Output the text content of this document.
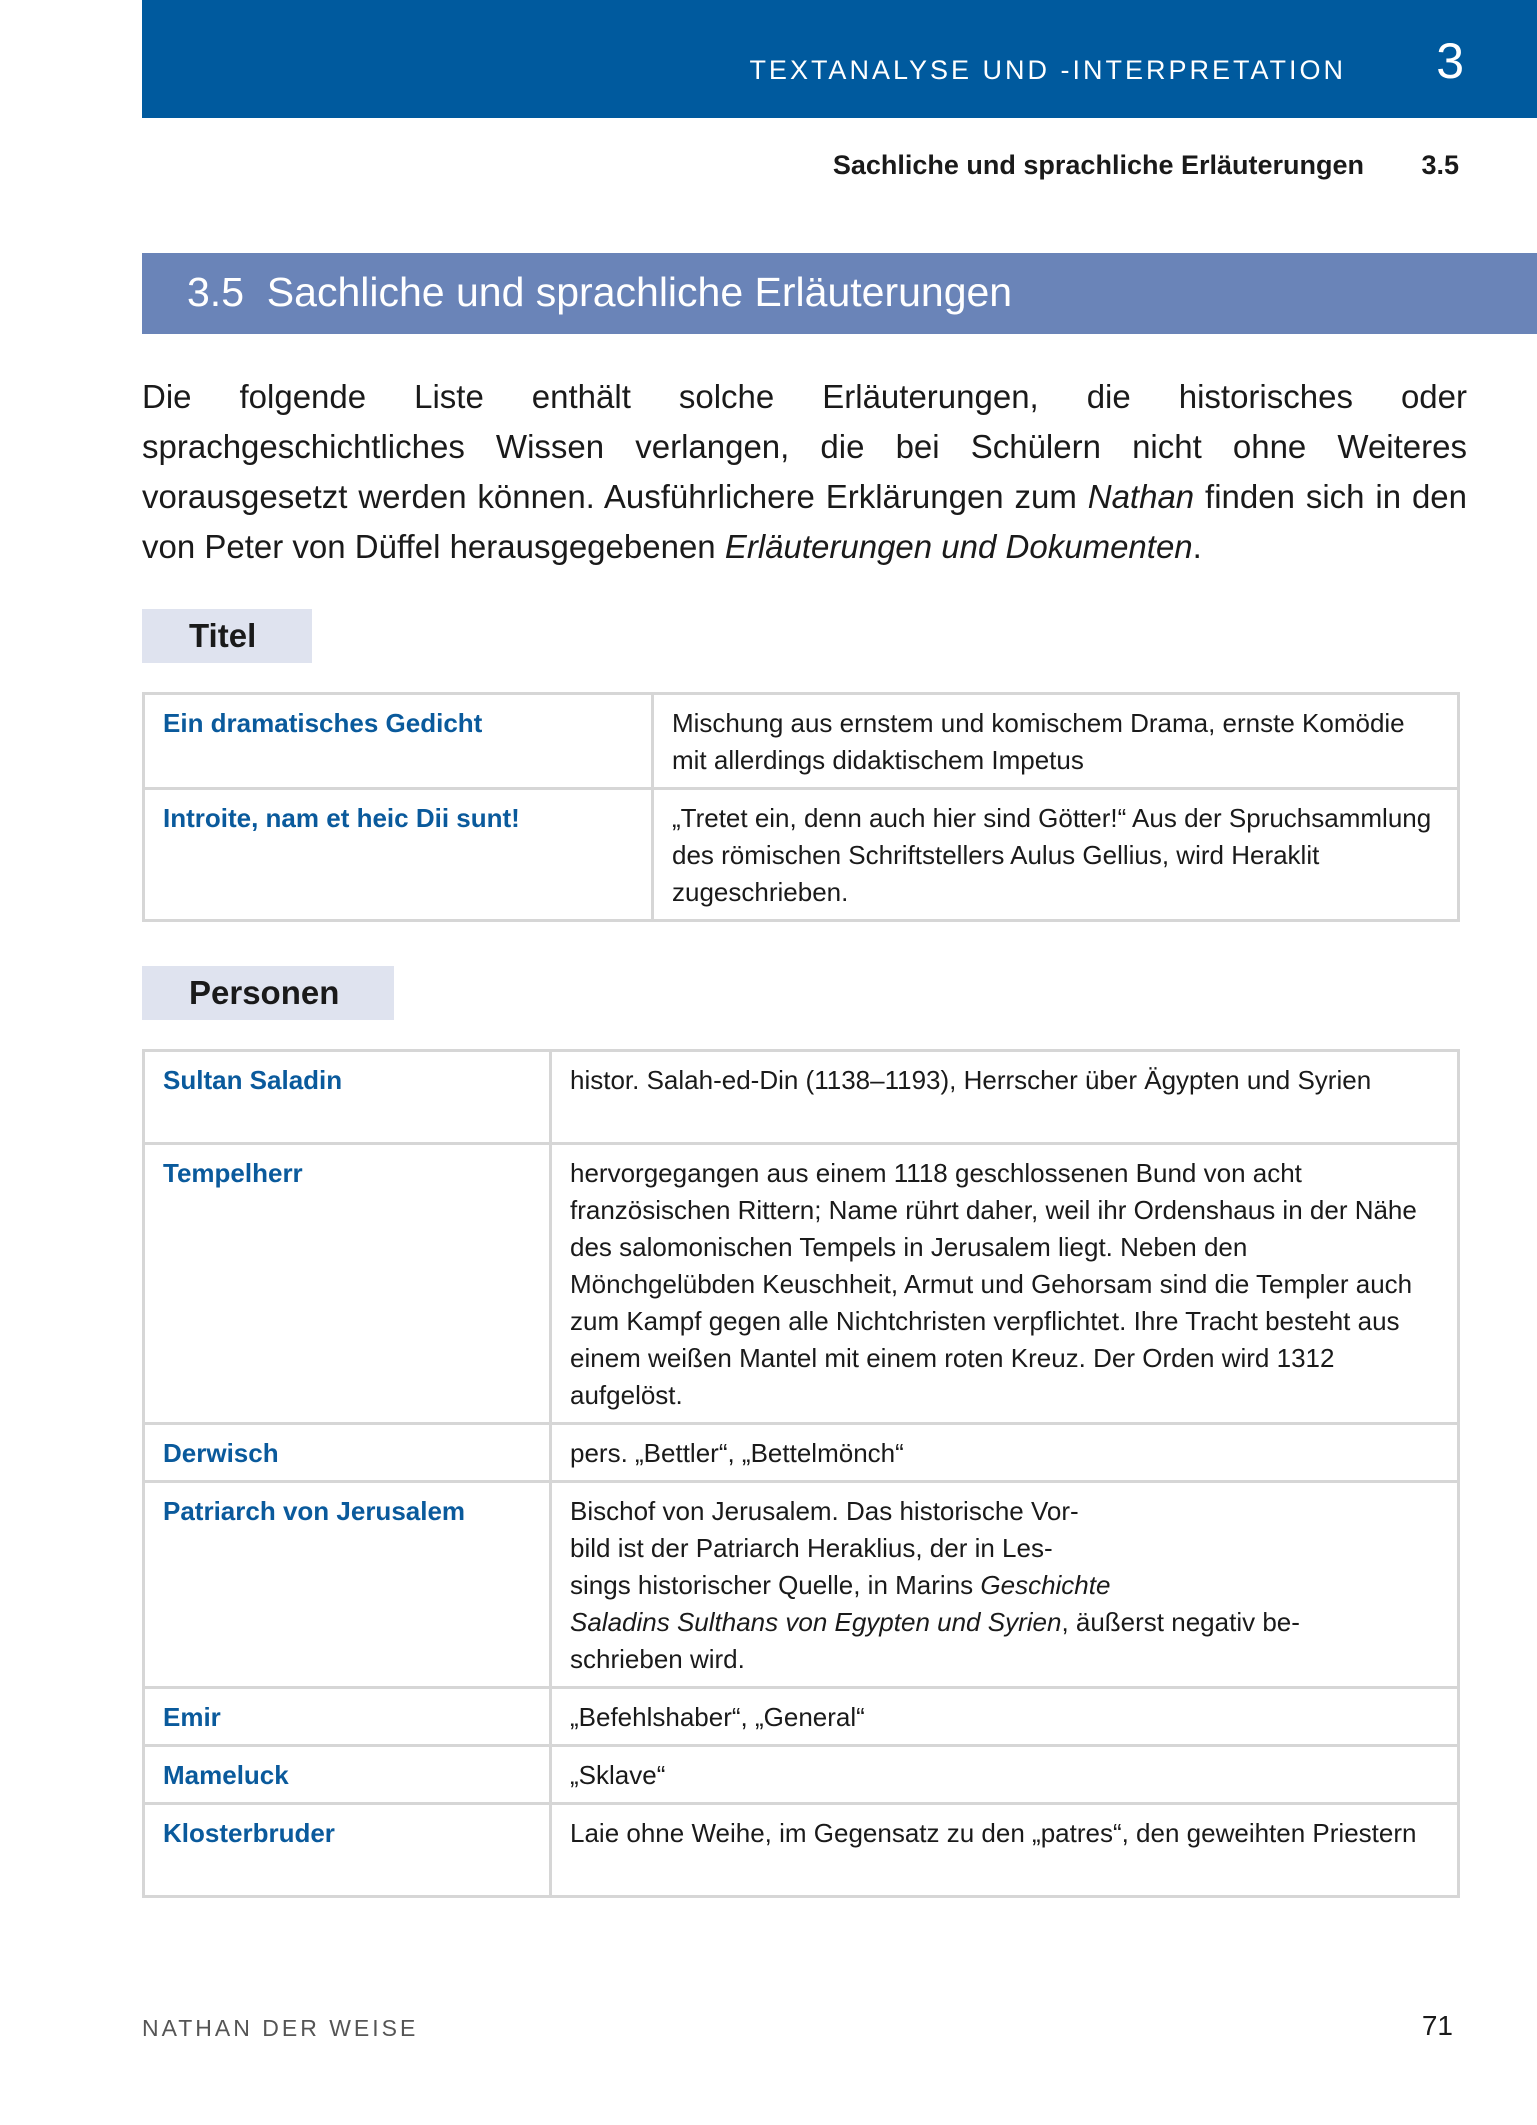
TEXTANALYSE UND -INTERPRETATION 3
Sachliche und sprachliche Erläuterungen 3.5
3.5 Sachliche und sprachliche Erläuterungen

Die folgende Liste enthält solche Erläuterungen, die historisches oder sprachgeschichtliches Wissen verlangen, die bei Schülern nicht ohne Weiteres vorausgesetzt werden können. Ausführlichere Erklärungen zum Nathan finden sich in den von Peter von Düffel herausgegebenen Erläuterungen und Dokumenten.

Titel
Ein dramatisches Gedicht	Mischung aus ernstem und komischem Drama, ernste Komödie mit allerdings didaktischem Impetus
Introite, nam et heic Dii sunt!	„Tretet ein, denn auch hier sind Götter!“ Aus der Spruchsammlung des römischen Schriftstellers Aulus Gellius, wird Heraklit zugeschrieben.
Personen
Sultan Saladin	histor. Salah-ed-Din (1138–1193), Herrscher über Ägypten und Syrien
Tempelherr	hervorgegangen aus einem 1118 geschlossenen Bund von acht französischen Rittern; Name rührt daher, weil ihr Ordenshaus in der Nähe des salomonischen Tempels in Jerusalem liegt. Neben den Mönchgelübden Keuschheit, Armut und Gehorsam sind die Templer auch zum Kampf gegen alle Nichtchristen verpflichtet. Ihre Tracht besteht aus einem weißen Mantel mit einem roten Kreuz. Der Orden wird 1312 aufgelöst.
Derwisch	pers. „Bettler“, „Bettelmönch“
Patriarch von Jerusalem	Bischof von Jerusalem. Das historische Vor-
bild ist der Patriarch Heraklius, der in Les-
sings historischer Quelle, in Marins Geschichte
Saladins Sulthans von Egypten und Syrien, äußerst negativ be-
schrieben wird.
Emir	„Befehlshaber“, „General“
Mameluck	„Sklave“
Klosterbruder	Laie ohne Weihe, im Gegensatz zu den „patres“, den geweihten Priestern
NATHAN DER WEISE	71
